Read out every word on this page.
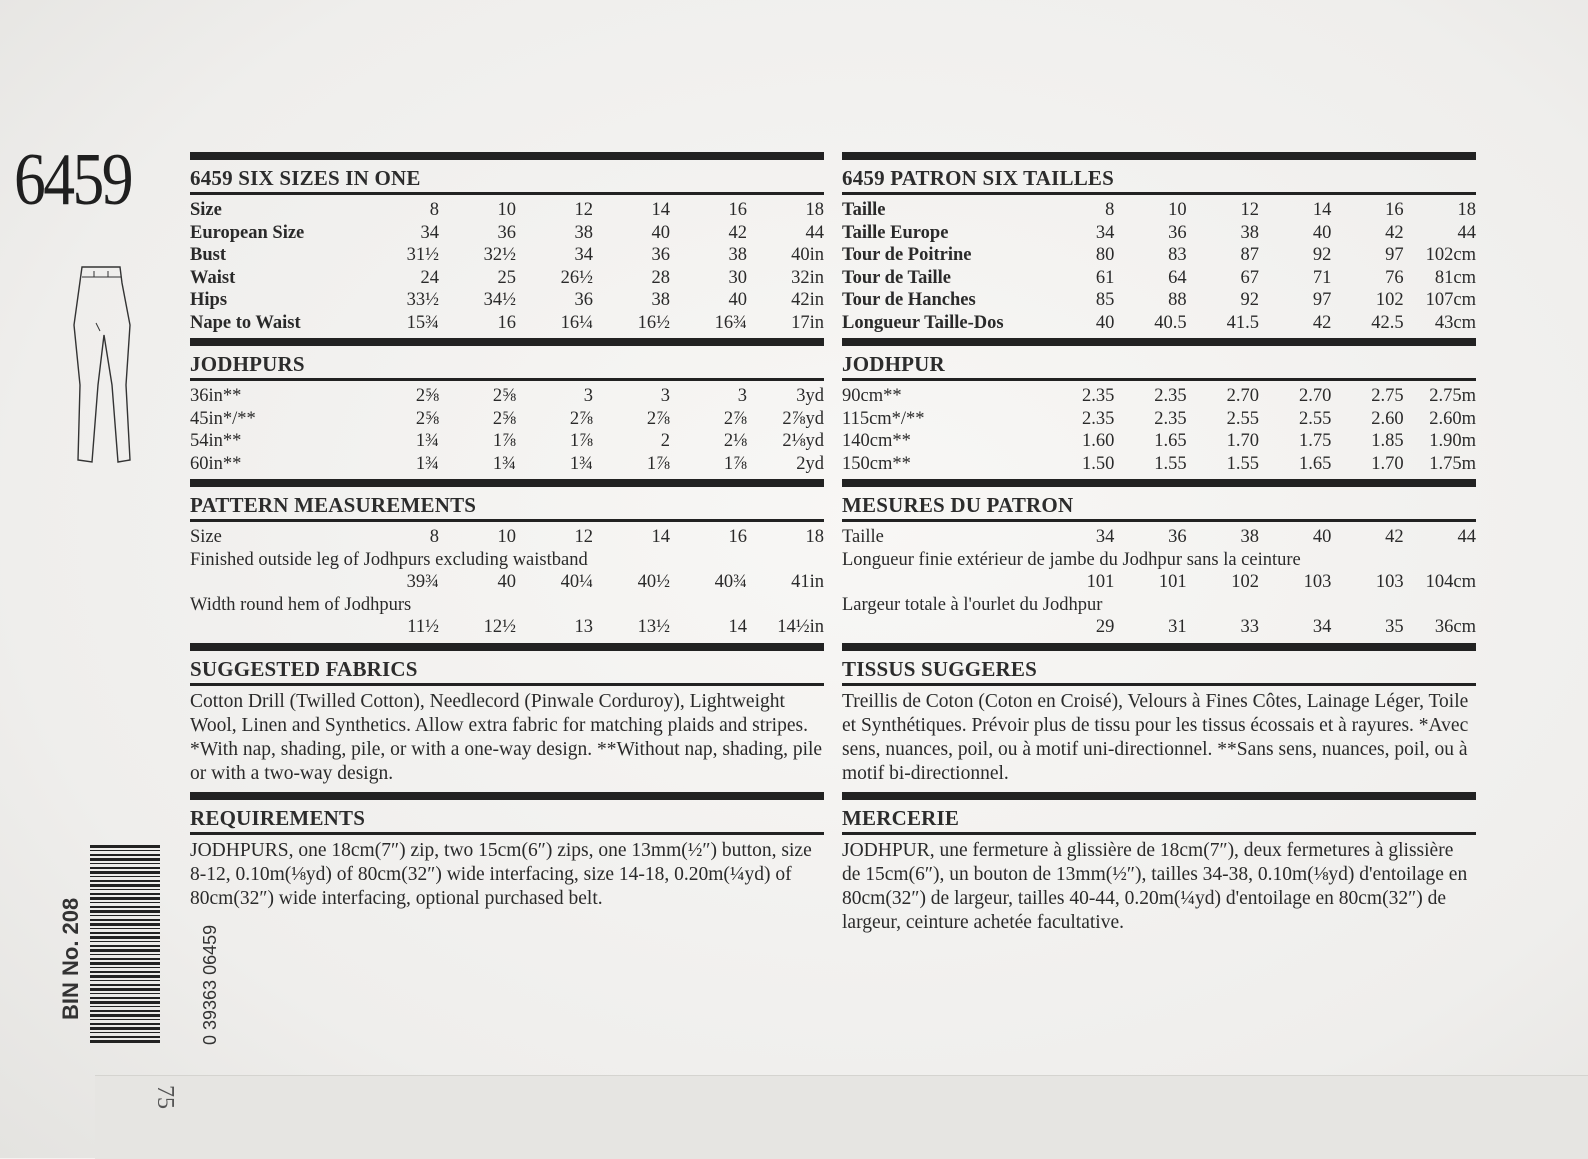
6459	6459 SIX SIZES IN ONE
Size	8	10	12	14	16	18
European Size	34	36	38	40	42	44
Bust	31½	32½	34	36	38	40in
Waist	24	25	26½	28	30	32in
Hips	33½	34½	36	38	40	42in
Nape to Waist	15¾	16	16¼	16½	16¾	17in
JODHPURS
36in**	2⅝	2⅝	3	3	3	3yd
45in*/**	2⅝	2⅝	2⅞	2⅞	2⅞	2⅞yd
54in**	1¾	1⅞	1⅞	2	2⅛	2⅛yd
60in**	1¾	1¾	1¾	1⅞	1⅞	2yd
PATTERN MEASUREMENTS
Size	8	10	12	14	16	18
Finished outside leg of Jodhpurs excluding waistband
39¾	40	40¼	40½	40¾	41in
Width round hem of Jodhpurs
11½	12½	13	13½	14	14½in
SUGGESTED FABRICS
Cotton Drill (Twilled Cotton), Needlecord (Pinwale Corduroy), Lightweight Wool, Linen and Synthetics. Allow extra fabric for matching plaids and stripes. *With nap, shading, pile, or with a one-way design. **Without nap, shading, pile or with a two-way design.
REQUIREMENTS
JODHPURS, one 18cm(7″) zip, two 15cm(6″) zips, one 13mm(½″) button, size 8-12, 0.10m(⅛yd) of 80cm(32″) wide interfacing, size 14-18, 0.20m(¼yd) of 80cm(32″) wide interfacing, optional purchased belt.
6459 PATRON SIX TAILLES
Taille	8	10	12	14	16	18
Taille Europe	34	36	38	40	42	44
Tour de Poitrine	80	83	87	92	97	102cm
Tour de Taille	61	64	67	71	76	81cm
Tour de Hanches	85	88	92	97	102	107cm
Longueur Taille-Dos	40	40.5	41.5	42	42.5	43cm
JODHPUR
90cm**	2.35	2.35	2.70	2.70	2.75	2.75m
115cm*/**	2.35	2.35	2.55	2.55	2.60	2.60m
140cm**	1.60	1.65	1.70	1.75	1.85	1.90m
150cm**	1.50	1.55	1.55	1.65	1.70	1.75m
MESURES DU PATRON
Taille	34	36	38	40	42	44
Longueur finie extérieur de jambe du Jodhpur sans la ceinture
101	101	102	103	103	104cm
Largeur totale à l'ourlet du Jodhpur
29	31	33	34	35	36cm
TISSUS SUGGERES
Treillis de Coton (Coton en Croisé), Velours à Fines Côtes, Lainage Léger, Toile et Synthétiques. Prévoir plus de tissu pour les tissus écossais et à rayures. *Avec sens, nuances, poil, ou à motif uni-directionnel. **Sans sens, nuances, poil, ou à motif bi-directionnel.
MERCERIE
JODHPUR, une fermeture à glissière de 18cm(7″), deux fermetures à glissière de 15cm(6″), un bouton de 13mm(½″), tailles 34-38, 0.10m(⅛yd) d'entoilage en 80cm(32″) de largeur, tailles 40-44, 0.20m(¼yd) d'entoilage en 80cm(32″) de largeur, ceinture achetée facultative.
BIN No. 208	0 39363 06459
75
